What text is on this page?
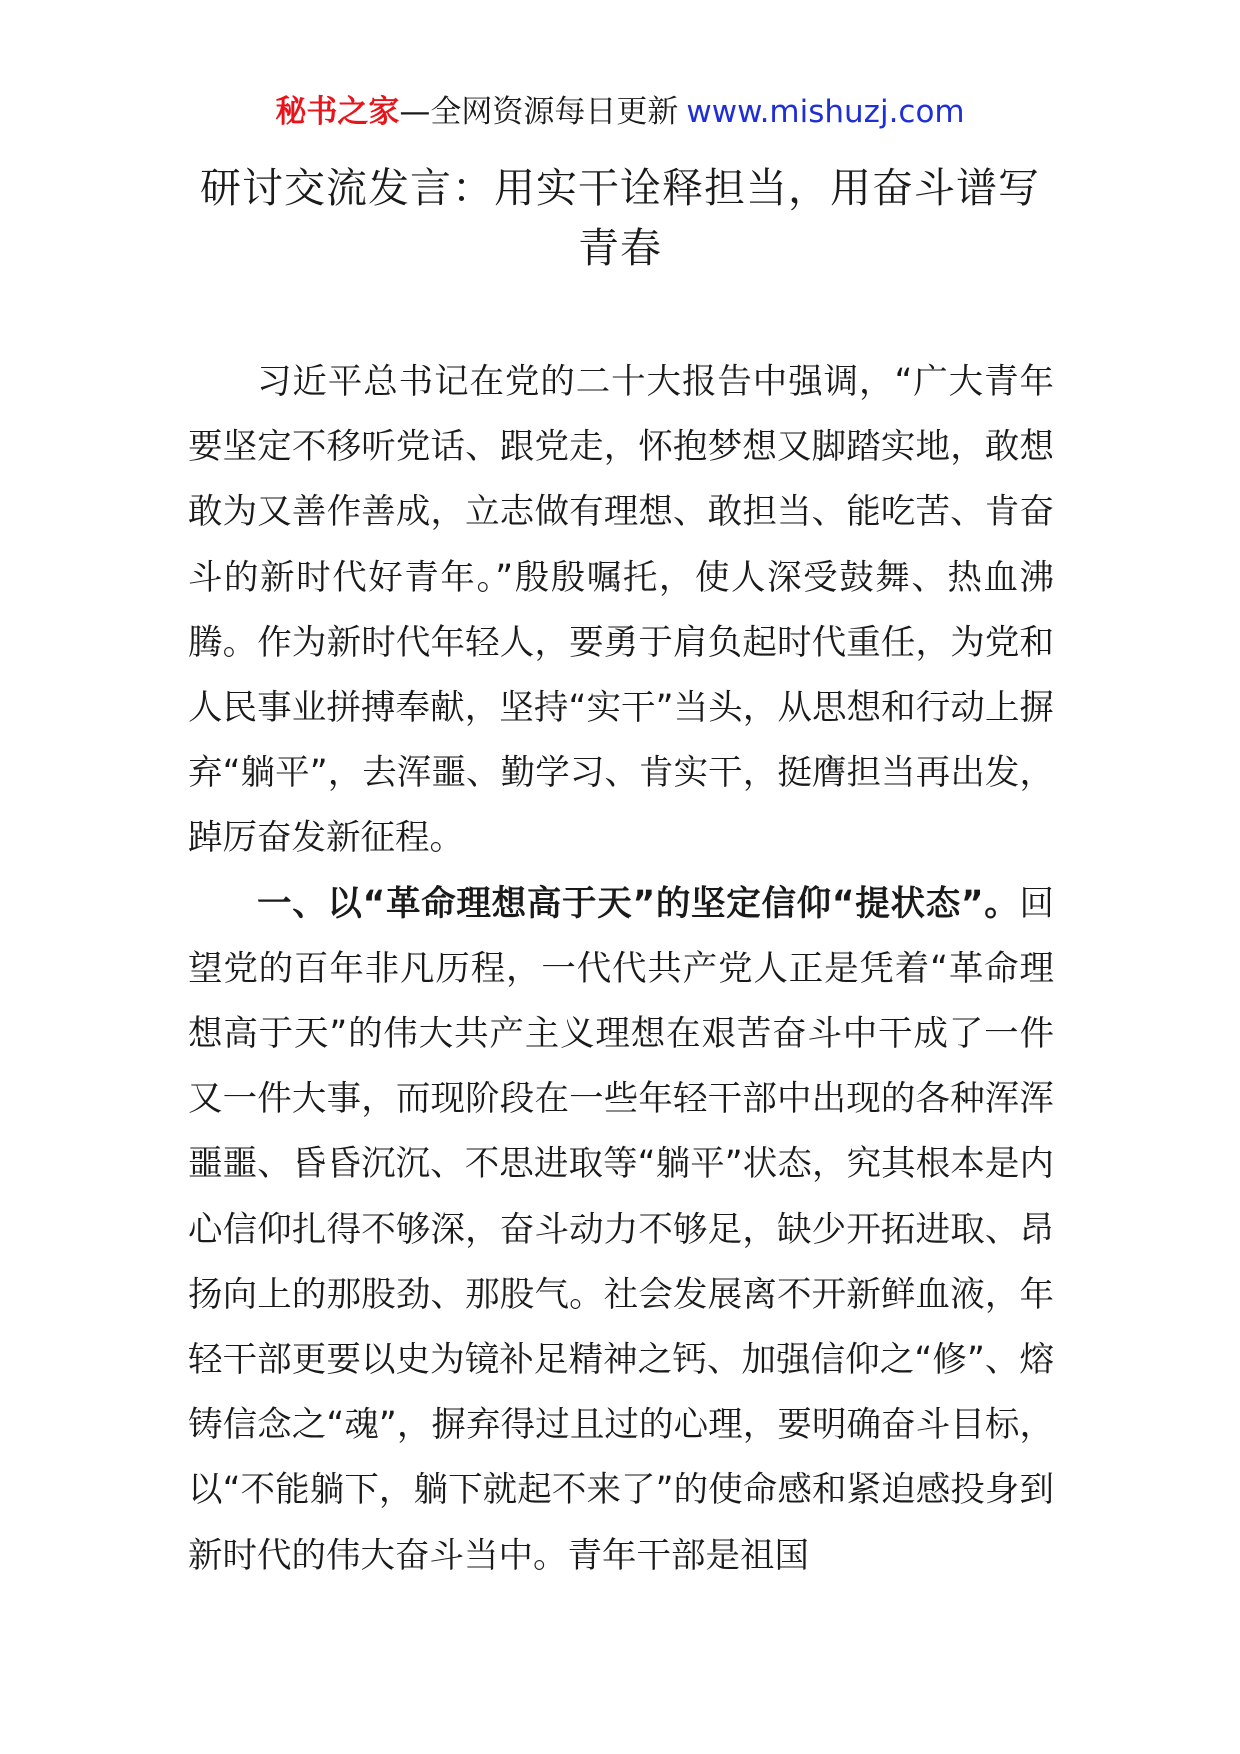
秘书之家—全网资源每日更新 www.mishuzj.com
研讨交流发言：用实干诠释担当，用奋斗谱写青春

习近平总书记在党的二十大报告中强调，“广大青年要坚定不移听党话、跟党走，怀抱梦想又脚踏实地，敢想敢为又善作善成，立志做有理想、敢担当、能吃苦、肯奋斗的新时代好青年。”殷殷嘱托，使人深受鼓舞、热血沸腾。作为新时代年轻人，要勇于肩负起时代重任，为党和人民事业拼搏奉献，坚持“实干”当头，从思想和行动上摒弃“躺平”，去浑噩、勤学习、肯实干，挺膺担当再出发，踔厉奋发新征程。

一、以“革命理想高于天”的坚定信仰“提状态”。回望党的百年非凡历程，一代代共产党人正是凭着“革命理想高于天”的伟大共产主义理想在艰苦奋斗中干成了一件又一件大事，而现阶段在一些年轻干部中出现的各种浑浑噩噩、昏昏沉沉、不思进取等“躺平”状态，究其根本是内心信仰扎得不够深，奋斗动力不够足，缺少开拓进取、昂扬向上的那股劲、那股气。社会发展离不开新鲜血液，年轻干部更要以史为镜补足精神之钙、加强信仰之“修”、熔铸信念之“魂”，摒弃得过且过的心理，要明确奋斗目标，以“不能躺下，躺下就起不来了”的使命感和紧迫感投身到新时代的伟大奋斗当中。青年干部是祖国
